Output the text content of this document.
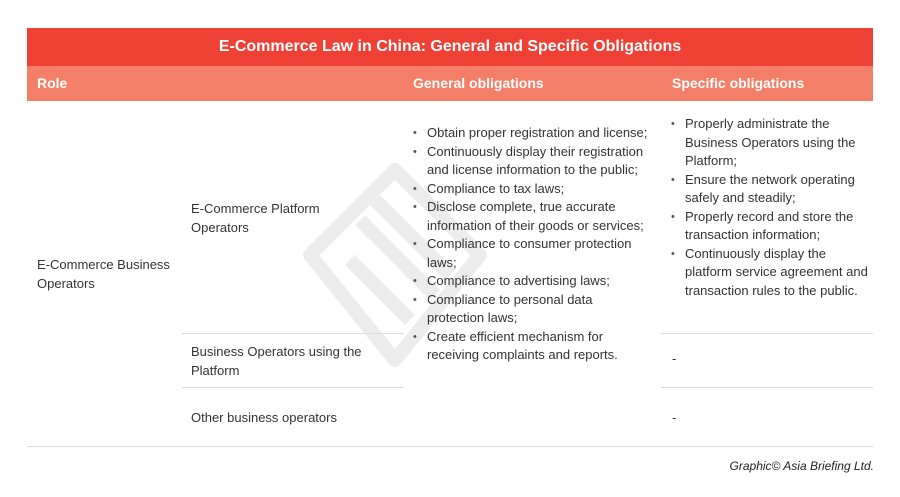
E-Commerce Law in China: General and Specific Obligations
Role	General obligations	Specific obligations
E-Commerce Business Operators
E-Commerce Platform Operators
Business Operators using the Platform
Other business operators
• Obtain proper registration and license;
• Continuously display their registration and license information to the public;
• Compliance to tax laws;
• Disclose complete, true accurate information of their goods or services;
• Compliance to consumer protection laws;
• Compliance to advertising laws;
• Compliance to personal data protection laws;
• Create efficient mechanism for receiving complaints and reports.
• Properly administrate the Business Operators using the Platform;
• Ensure the network operating safely and steadily;
• Properly record and store the transaction information;
• Continuously display the platform service agreement and transaction rules to the public.
-
-
Graphic© Asia Briefing Ltd.
